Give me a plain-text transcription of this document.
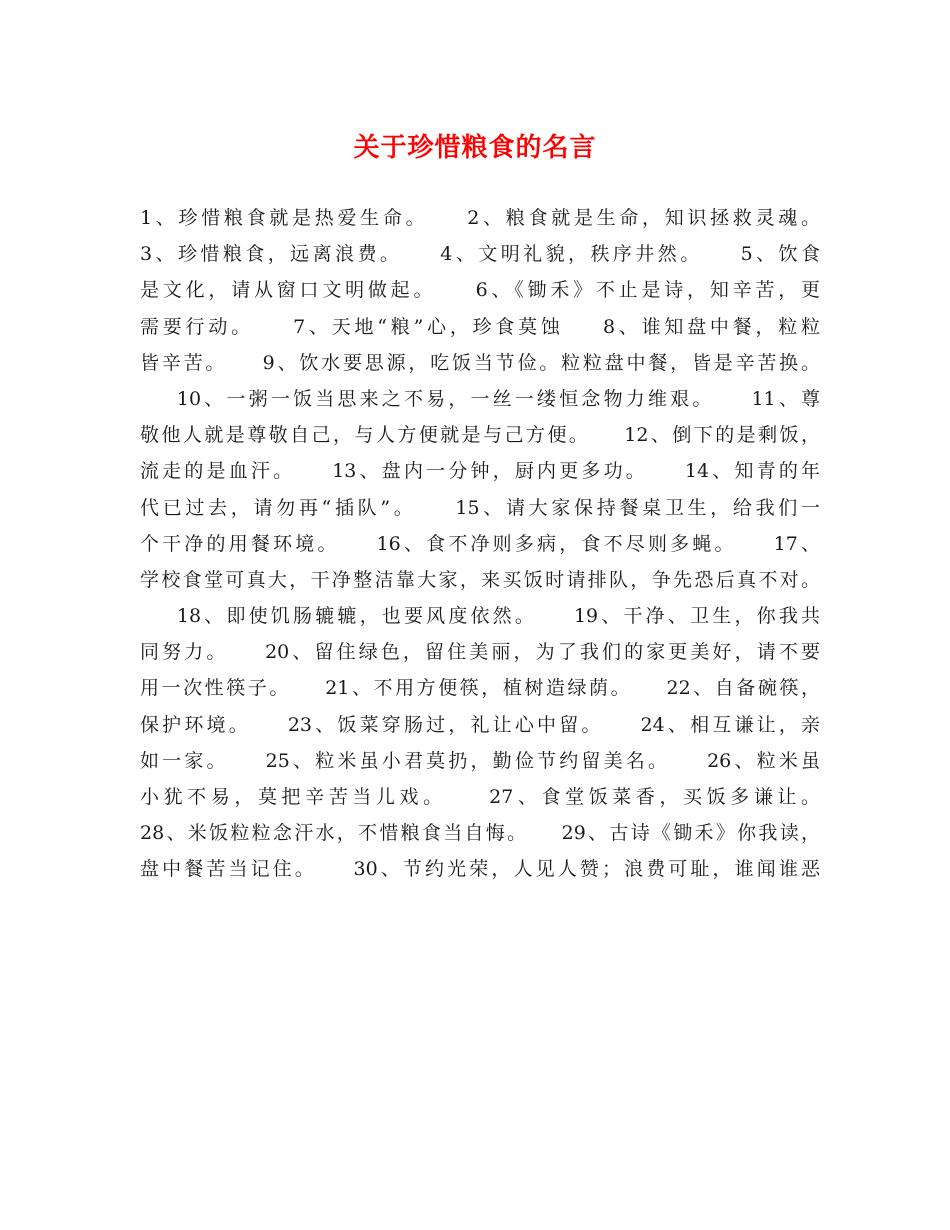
关于珍惜粮食的名言
1、珍惜粮食就是热爱生命。    2、粮食就是生命，知识拯救灵魂。
3、珍惜粮食，远离浪费。    4、文明礼貌，秩序井然。    5、饮食
是文化，请从窗口文明做起。    6、《锄禾》不止是诗，知辛苦，更
需要行动。    7、天地“粮”心，珍食莫蚀    8、谁知盘中餐，粒粒
皆辛苦。    9、饮水要思源，吃饭当节俭。粒粒盘中餐，皆是辛苦换。
10、一粥一饭当思来之不易，一丝一缕恒念物力维艰。    11、尊
敬他人就是尊敬自己，与人方便就是与己方便。    12、倒下的是剩饭，
流走的是血汗。    13、盘内一分钟，厨内更多功。    14、知青的年
代已过去，请勿再“插队”。    15、请大家保持餐桌卫生，给我们一
个干净的用餐环境。    16、食不净则多病，食不尽则多蝇。    17、
学校食堂可真大，干净整洁靠大家，来买饭时请排队，争先恐后真不对。
18、即使饥肠辘辘，也要风度依然。    19、干净、卫生，你我共
同努力。    20、留住绿色，留住美丽，为了我们的家更美好，请不要
用一次性筷子。    21、不用方便筷，植树造绿荫。    22、自备碗筷，
保护环境。    23、饭菜穿肠过，礼让心中留。    24、相互谦让，亲
如一家。    25、粒米虽小君莫扔，勤俭节约留美名。    26、粒米虽
小犹不易，莫把辛苦当儿戏。    27、食堂饭菜香，买饭多谦让。
28、米饭粒粒念汗水，不惜粮食当自悔。    29、古诗《锄禾》你我读，
盘中餐苦当记住。    30、节约光荣，人见人赞；浪费可耻，谁闻谁恶
